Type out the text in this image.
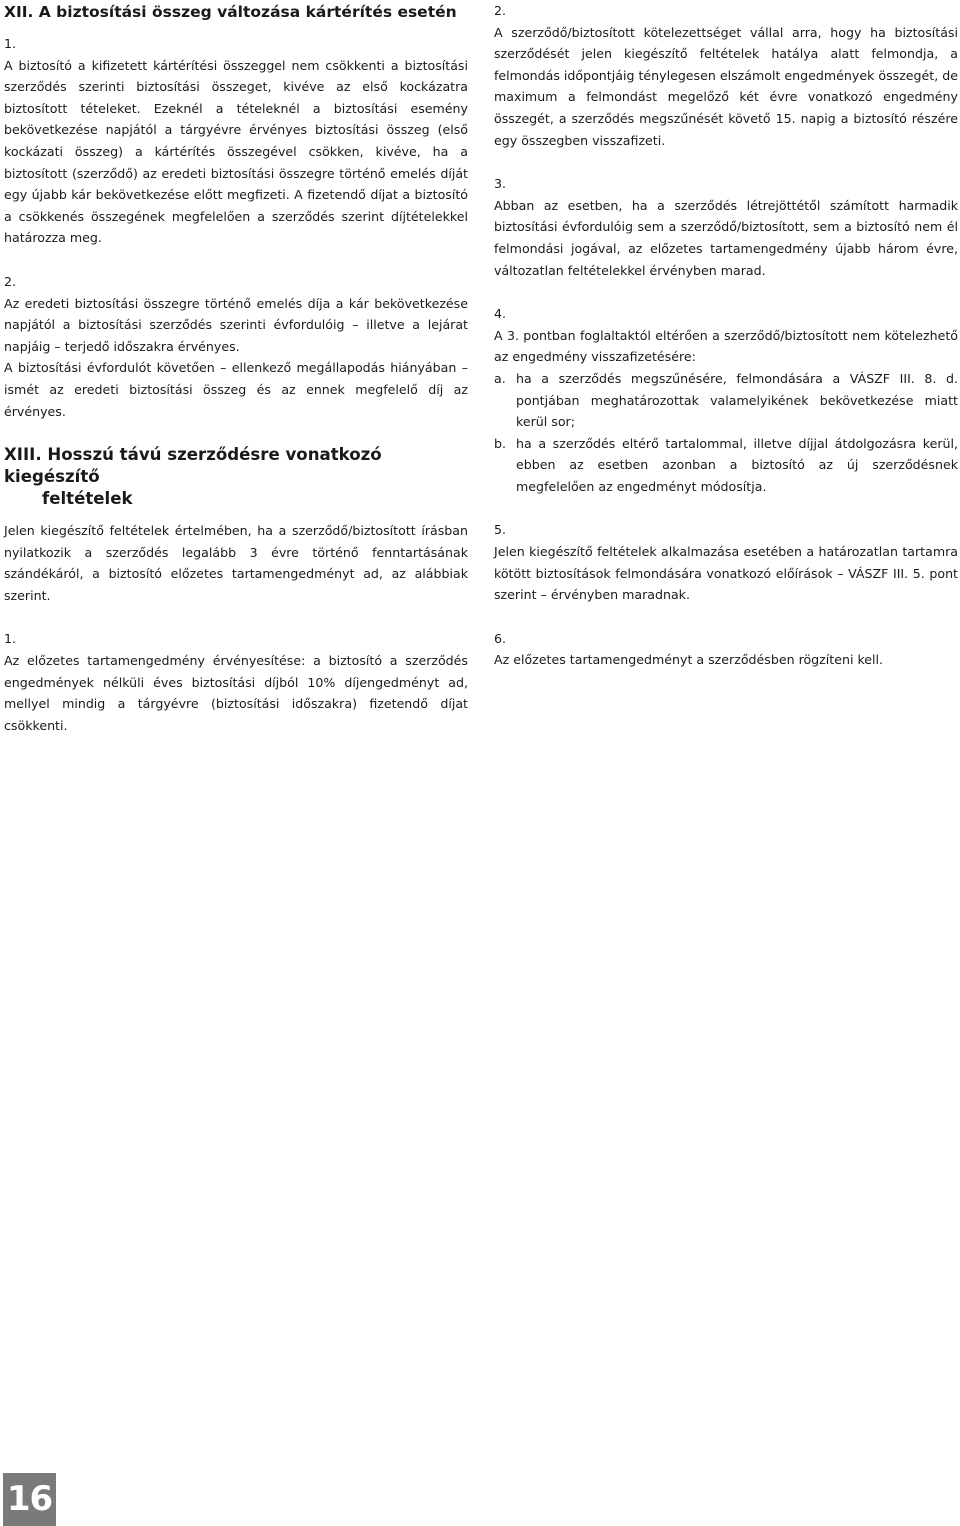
XII. A biztosítási összeg változása kártérítés esetén

1.

A biztosító a kifizetett kártérítési összeggel nem csökkenti a biztosítási szerződés szerinti biztosítási összeget, kivéve az első kockázatra biztosított tételeket. Ezeknél a tételeknél a biztosítási esemény bekövetkezése napjától a tárgyévre érvényes biztosítási összeg (első kockázati összeg) a kártérítés összegével csökken, kivéve, ha a biztosított (szerződő) az eredeti biztosítási összegre történő emelés díját egy újabb kár bekövetkezése előtt megfizeti. A fizetendő díjat a biztosító a csökkenés összegének megfelelően a szerződés szerint díjtételekkel határozza meg.

2.

Az eredeti biztosítási összegre történő emelés díja a kár bekövetkezése napjától a biztosítási szerződés szerinti évfordulóig – illetve a lejárat napjáig – terjedő időszakra érvényes.

A biztosítási évfordulót követően – ellenkező megállapodás hiányában – ismét az eredeti biztosítási összeg és az ennek megfelelő díj az érvényes.

XIII. Hosszú távú szerződésre vonatkozó kiegészítő
feltételek

Jelen kiegészítő feltételek értelmében, ha a szerződő/biztosított írásban nyilatkozik a szerződés legalább 3 évre történő fenntartásának szándékáról, a biztosító előzetes tartamengedményt ad, az alábbiak szerint.

1.

Az előzetes tartamengedmény érvényesítése: a biztosító a szerződés engedmények nélküli éves biztosítási díjból 10% díjengedményt ad, mellyel mindig a tárgyévre (biztosítási időszakra) fizetendő díjat csökkenti.

2.

A szerződő/biztosított kötelezettséget vállal arra, hogy ha biztosítási szerződését jelen kiegészítő feltételek hatálya alatt felmondja, a felmondás időpontjáig ténylegesen elszámolt engedmények összegét, de maximum a felmondást megelőző két évre vonatkozó engedmény összegét, a szerződés megszűnését követő 15. napig a biztosító részére egy összegben visszafizeti.

3.

Abban az esetben, ha a szerződés létrejöttétől számított harmadik biztosítási évfordulóig sem a szerződő/biztosított, sem a biztosító nem él felmondási jogával, az előzetes tartamengedmény újabb három évre, változatlan feltételekkel érvényben marad.

4.

A 3. pontban foglaltaktól eltérően a szerződő/biztosított nem kötelezhető az engedmény visszafizetésére:

a. ha a szerződés megszűnésére, felmondására a VÁSZF III. 8. d. pontjában meghatározottak valamelyikének bekövetkezése miatt kerül sor;
b. ha a szerződés eltérő tartalommal, illetve díjjal átdolgozásra kerül, ebben az esetben azonban a biztosító az új szerződésnek megfelelően az engedményt módosítja.

5.

Jelen kiegészítő feltételek alkalmazása esetében a határozatlan tartamra kötött biztosítások felmondására vonatkozó előírások – VÁSZF III. 5. pont szerint – érvényben maradnak.

6.

Az előzetes tartamengedményt a szerződésben rögzíteni kell.

16
